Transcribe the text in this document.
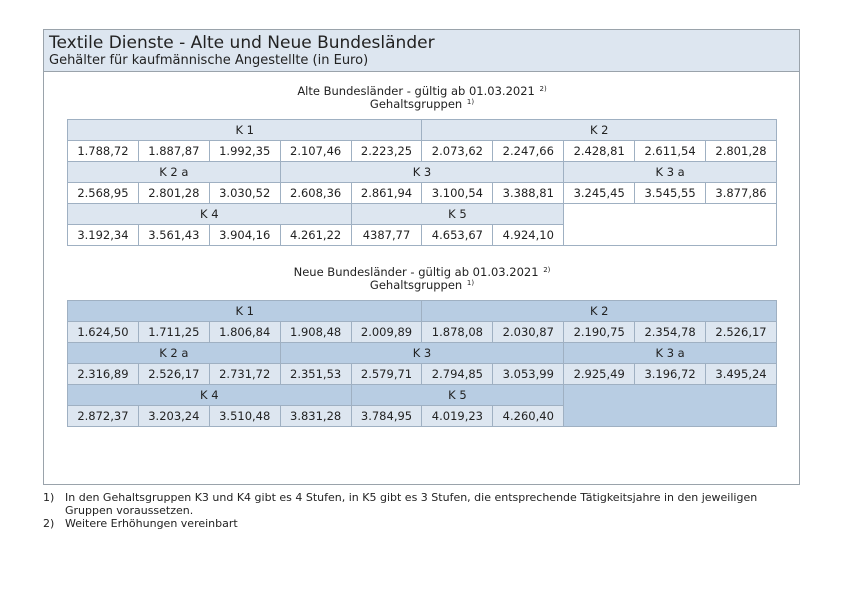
Textile Dienste - Alte und Neue Bundesländer
Gehälter für kaufmännische Angestellte (in Euro)
Alte Bundesländer - gültig ab 01.03.2021 $^{2)}$
Gehaltsgruppen $^{1)}$
K 1					K 2				
1.788,72	1.887,87	1.992,35	2.107,46	2.223,25	2.073,62	2.247,66	2.428,81	2.611,54	2.801,28
K 2 a			K 3				K 3 a		
2.568,95	2.801,28	3.030,52	2.608,36	2.861,94	3.100,54	3.388,81	3.245,45	3.545,55	3.877,86
K 4				K 5					
3.192,34	3.561,43	3.904,16	4.261,22	4387,77	4.653,67	4.924,10			
Neue Bundesländer - gültig ab 01.03.2021 $^{2)}$
Gehaltsgruppen $^{1)}$
K 1					K 2				
1.624,50	1.711,25	1.806,84	1.908,48	2.009,89	1.878,08	2.030,87	2.190,75	2.354,78	2.526,17
K 2 a			K 3				K 3 a		
2.316,89	2.526,17	2.731,72	2.351,53	2.579,71	2.794,85	3.053,99	2.925,49	3.196,72	3.495,24
K 4				K 5					
2.872,37	3.203,24	3.510,48	3.831,28	3.784,95	4.019,23	4.260,40			
1) In den Gehaltsgruppen K3 und K4 gibt es 4 Stufen, in K5 gibt es 3 Stufen, die entsprechende Tätigkeitsjahre in den jeweiligen Gruppen voraussetzen.
2) Weitere Erhöhungen vereinbart
